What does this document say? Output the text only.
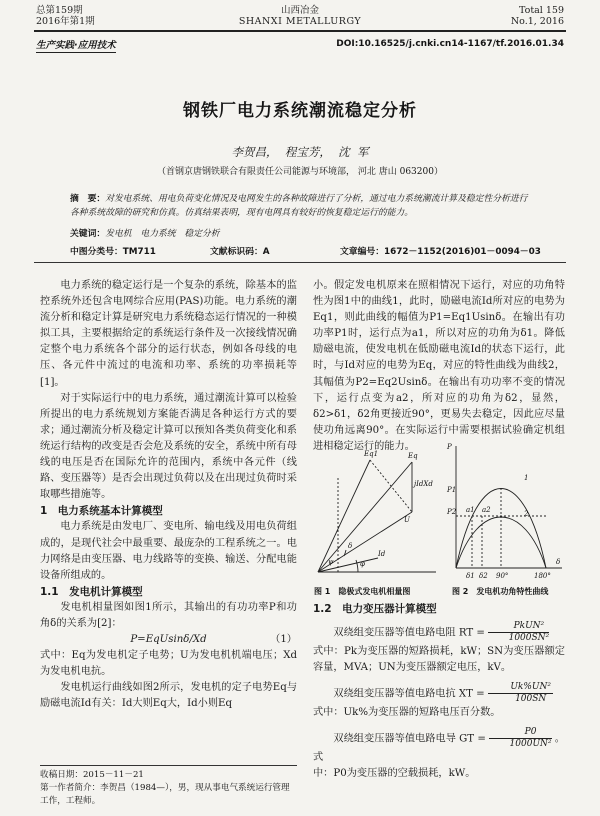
总第159期
2016年第1期
山西冶金
SHANXI METALLURGY
Total 159
No.1, 2016
生产实践·应用技术	DOI:10.16525/j.cnki.cn14-1167/tf.2016.01.34
钢铁厂电力系统潮流稳定分析
李贺昌，  程宝芳，  沈  军
（首钢京唐钢铁联合有限责任公司能源与环境部， 河北 唐山 063200）
摘　要：对发电系统、用电负荷变化情况及电网发生的各种故障进行了分析，通过电力系统潮流计算及稳定性分析进行各种系统故障的研究和仿真。仿真结果表明，现有电网具有较好的恢复稳定运行的能力。
关键词：发电机　电力系统　稳定分析
中图分类号：TM711	文献标识码：A	文章编号：1672－1152(2016)01－0094－03

电力系统的稳定运行是一个复杂的系统，除基本的监控系统外还包含电网综合应用(PAS)功能。电力系统的潮流分析和稳定计算是研究电力系统稳态运行情况的一种模拟工具，主要根据给定的系统运行条件及一次接线情况确定整个电力系统各个部分的运行状态，例如各母线的电压、各元件中流过的电流和功率、系统的功率损耗等[1]。

对于实际运行中的电力系统，通过潮流计算可以检验所提出的电力系统规划方案能否满足各种运行方式的要求；通过潮流分析及稳定计算可以预知各类负荷变化和系统运行结构的改变是否会危及系统的安全，系统中所有母线的电压是否在国际允许的范围内，系统中各元件（线路、变压器等）是否会出现过负荷以及在出现过负荷时采取哪些措施等。

1　电力系统基本计算模型

电力系统是由发电厂、变电所、输电线及用电负荷组成的，是现代社会中最重要、最庞杂的工程系统之一。电力网络是由变压器、电力线路等的变换、输送、分配电能设备所组成的。

1.1　发电机计算模型

发电机相量图如图1所示，其输出的有功功率P和功角δ的关系为[2]：

P=EqUsinδ/Xd	（1）

式中：Eq为发电机定子电势；U为发电机机端电压；Xd为发电机电抗。

发电机运行曲线如图2所示，发电机的定子电势Eq与励磁电流Id有关：Id大则Eq大，Id小则Eq

收稿日期：2015－11－21
第一作者简介：李贺昌（1984—），男，现从事电气系统运行管理工作，工程师。

小。假定发电机原来在照相情况下运行，对应的功角特性为图1中的曲线1，此时，励磁电流Id所对应的电势为Eq1，则此曲线的幅值为P1=Eq1Usinδ。在输出有功功率P1时，运行点为a1，所以对应的功角为δ1。降低励磁电流，使发电机在低励磁电流Id的状态下运行，此时，与Id对应的电势为Eq，对应的特性曲线为曲线2，其幅值为P2=Eq2Usinδ。在输出有功功率不变的情况下，运行点变为a2，所对应的功角为δ2，显然，δ2>δ1，δ2角更接近90°，更易失去稳定，因此应尽量使功角远离90°。在实际运行中需要根据试验确定机组进相稳定运行的能力。

jIdXd
Eq
U
δ
φ
Id
ψ
Eq1
P
P1
P2 a1 a2
δ1 δ2 90°	180°
δ
1
2
图 1　隐极式发电机相量图	图 2　发电机功角特性曲线

1.2　电力变压器计算模型

双绕组变压器等值电路电阻 RT = $\frac{\text{PkUN²}}{\text{1000SN²}}$

式中：Pk为变压器的短路损耗，kW；SN为变压器额定容量，MVA；UN为变压器额定电压，kV。

双绕组变压器等值电路电抗 XT = $\frac{\text{Uk\%UN²}}{100SN}$

式中：Uk%为变压器的短路电压百分数。

双绕组变压器等值电路电导 GT = $\frac{P0}{\text{1000UN²}}$ 。式

中：P0为变压器的空载损耗，kW。
